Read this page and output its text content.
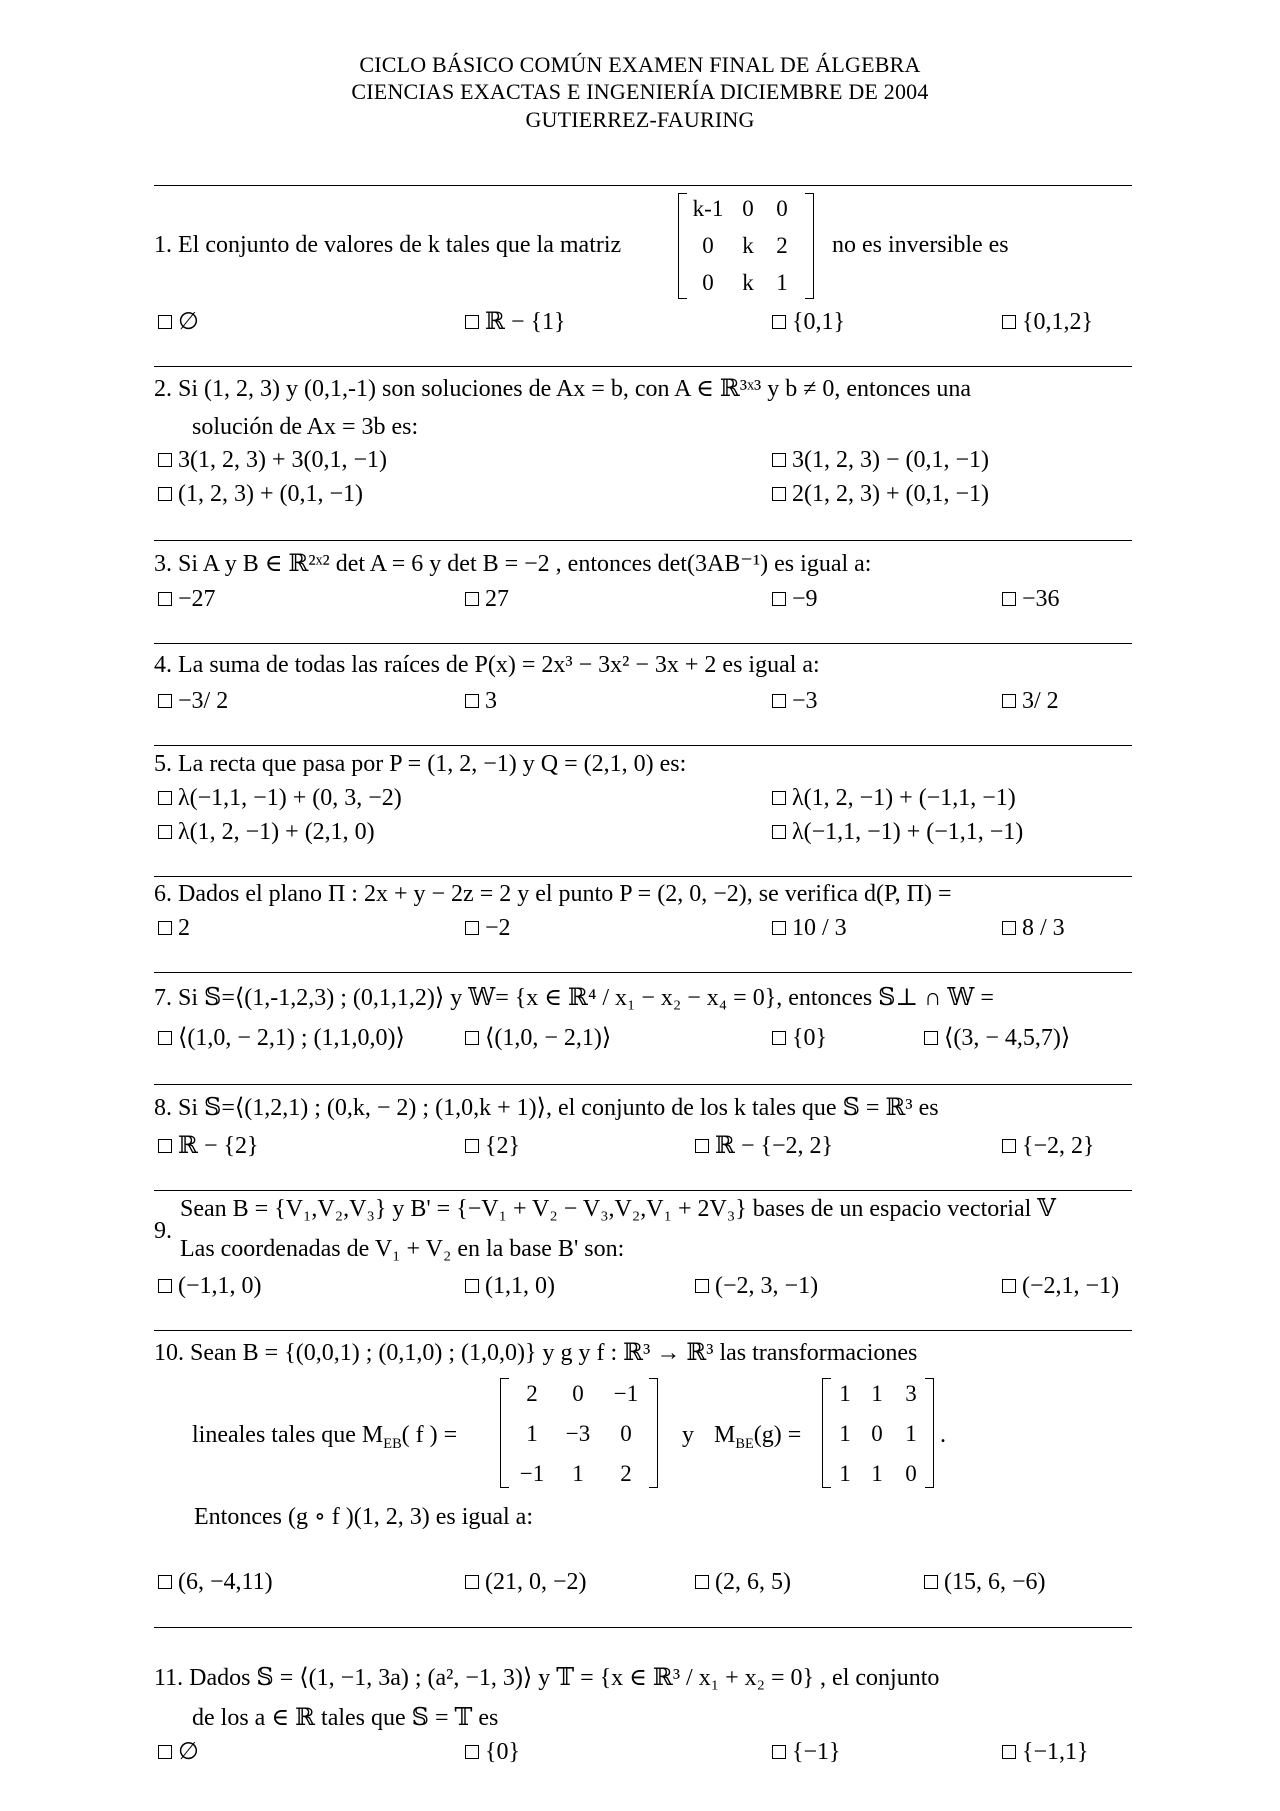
CICLO BÁSICO COMÚN EXAMEN FINAL DE ÁLGEBRA
CIENCIAS EXACTAS E INGENIERÍA DICIEMBRE DE 2004
GUTIERREZ-FAURING
1. El conjunto de valores de k tales que la matriz
k-1 0 0
0	k 2
0	k 1
no es inversible es
∅	ℝ − {1}	{0,1}	{0,1,2}
2. Si (1, 2, 3) y (0,1,-1) son soluciones de Ax = b, con A ∈ ℝ³ˣ³ y b ≠ 0, entonces una
solución de Ax = 3b es:
3(1, 2, 3) + 3(0,1, −1)	3(1, 2, 3) − (0,1, −1)
(1, 2, 3) + (0,1, −1)	2(1, 2, 3) + (0,1, −1)
3. Si A y B ∈ ℝ²ˣ² det A = 6 y det B = −2 , entonces det(3AB⁻¹) es igual a:
−27	27	−9	−36
4. La suma de todas las raíces de P(x) = 2x³ − 3x² − 3x + 2 es igual a:
−3/ 2	3	−3	3/ 2
5. La recta que pasa por P = (1, 2, −1) y Q = (2,1, 0) es:
λ(−1,1, −1) + (0, 3, −2)	λ(1, 2, −1) + (−1,1, −1)
λ(1, 2, −1) + (2,1, 0)	λ(−1,1, −1) + (−1,1, −1)
6. Dados el plano Π : 2x + y − 2z = 2 y el punto P = (2, 0, −2), se verifica d(P, Π) =
2	−2	10 / 3	8 / 3
7. Si 𝕊=⟨(1,-1,2,3) ; (0,1,1,2)⟩ y 𝕎= {x ∈ ℝ⁴ / x₁ − x₂ − x₄ = 0}, entonces 𝕊⊥ ∩ 𝕎 =
⟨(1,0, − 2,1) ; (1,1,0,0)⟩	⟨(1,0, − 2,1)⟩	{0}	⟨(3, − 4,5,7)⟩
8. Si 𝕊=⟨(1,2,1) ; (0,k, − 2) ; (1,0,k + 1)⟩, el conjunto de los k tales que 𝕊 = ℝ³ es
ℝ − {2}	{2}	ℝ − {−2, 2}	{−2, 2}
9.
Sean B = {V₁,V₂,V₃} y B' = {−V₁ + V₂ − V₃,V₂,V₁ + 2V₃} bases de un espacio vectorial 𝕍
Las coordenadas de V₁ + V₂ en la base B' son:
(−1,1, 0)	(1,1, 0)	(−2, 3, −1)	(−2,1, −1)
10. Sean B = {(0,0,1) ; (0,1,0) ; (1,0,0)} y g y f : ℝ³ → ℝ³ las transformaciones
lineales tales que $M_{EB}$( f ) =
2	0	−1
1	−3	0
−1	1	2
y $M_{BE}(g)$ =
1 1 3
1 0 1
1 1 0
.
Entonces (g ∘ f )(1, 2, 3) es igual a:
(6, −4,11)	(21, 0, −2)	(2, 6, 5)	(15, 6, −6)
11. Dados 𝕊 = ⟨(1, −1, 3a) ; (a², −1, 3)⟩ y 𝕋 = {x ∈ ℝ³ / x₁ + x₂ = 0} , el conjunto
de los a ∈ ℝ tales que 𝕊 = 𝕋 es
∅	{0}	{−1}	{−1,1}
